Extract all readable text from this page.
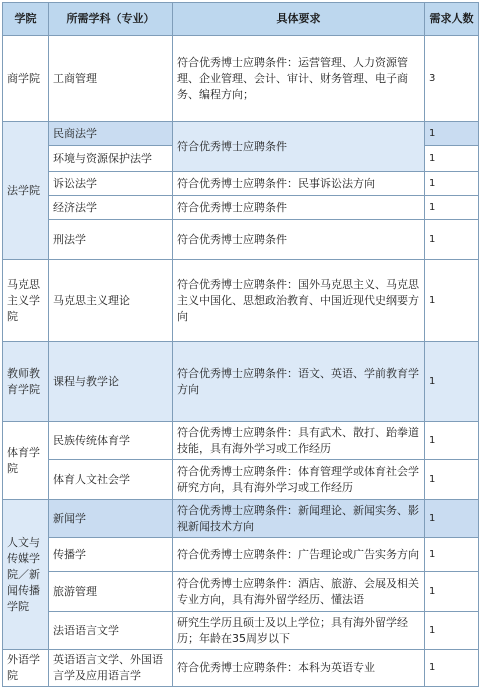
学院	所需学科（专业）	具体要求	需求人数
商学院	工商管理	符合优秀博士应聘条件：运营管理、人力资源管理、企业管理、会计、审计、财务管理、电子商务、编程方向；	3
法学院	民商法学	符合优秀博士应聘条件	1
	环境与资源保护法学		1
	诉讼法学	符合优秀博士应聘条件：民事诉讼法方向	1
	经济法学	符合优秀博士应聘条件	1
	刑法学	符合优秀博士应聘条件	1
马克思主义学院	马克思主义理论	符合优秀博士应聘条件：国外马克思主义、马克思主义中国化、思想政治教育、中国近现代史纲要方向	1
教师教育学院	课程与教学论	符合优秀博士应聘条件：语文、英语、学前教育学方向	1
体育学院	民族传统体育学	符合优秀博士应聘条件：具有武术、散打、跆拳道技能，具有海外学习或工作经历	1
	体育人文社会学	符合优秀博士应聘条件：体育管理学或体育社会学研究方向，具有海外学习或工作经历	1
人文与传媒学院／新闻传播学院	新闻学	符合优秀博士应聘条件：新闻理论、新闻实务、影视新闻技术方向	1
	传播学	符合优秀博士应聘条件：广告理论或广告实务方向	1
	旅游管理	符合优秀博士应聘条件：酒店、旅游、会展及相关专业方向，具有海外留学经历、懂法语	1
	法语语言文学	研究生学历且硕士及以上学位；具有海外留学经历；年龄在35周岁以下	1
外语学院	英语语言文学、外国语言学及应用语言学	符合优秀博士应聘条件：本科为英语专业	1
